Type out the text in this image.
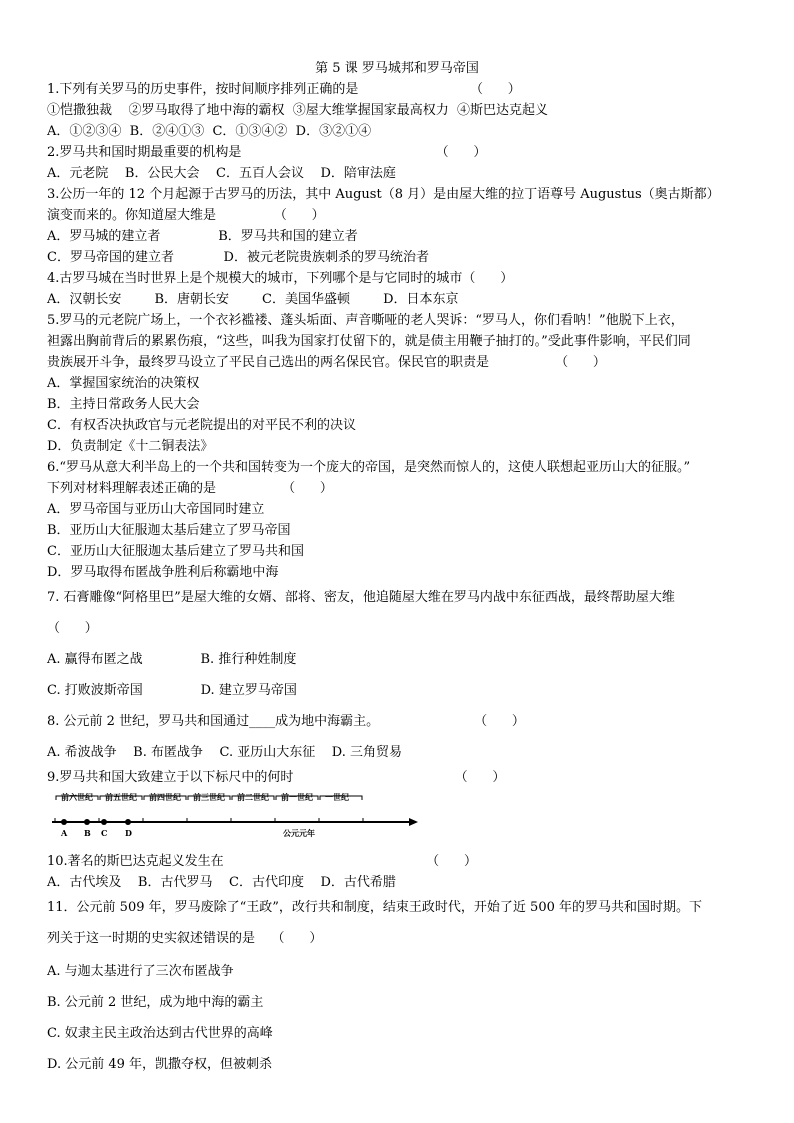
第 5 课 罗马城邦和罗马帝国
1.下列有关罗马的历史事件，按时间顺序排列正确的是                           （      ）
①恺撒独裁    ②罗马取得了地中海的霸权  ③屋大维掌握国家最高权力  ④斯巴达克起义
A．①②③④  B．②④①③  C．①③④②  D．③②①④
2.罗马共和国时期最重要的机构是                                               （      ）
A．元老院    B．公民大会    C．五百人会议    D．陪审法庭
3.公历一年的 12 个月起源于古罗马的历法，其中 August（8 月）是由屋大维的拉丁语尊号 Augustus（奥古斯都）
演变而来的。你知道屋大维是              （      ）
A．罗马城的建立者              B．罗马共和国的建立者
C．罗马帝国的建立者            D．被元老院贵族刺杀的罗马统治者
4.古罗马城在当时世界上是个规模大的城市，下列哪个是与它同时的城市（      ）
A．汉朝长安        B．唐朝长安        C．美国华盛顿        D．日本东京
5.罗马的元老院广场上，一个衣衫褴褛、蓬头垢面、声音嘶哑的老人哭诉：“罗马人，你们看呐！”他脱下上衣，
袒露出胸前背后的累累伤痕，“这些，叫我为国家打仗留下的，就是债主用鞭子抽打的。”受此事件影响，平民们同
贵族展开斗争，最终罗马设立了平民自己选出的两名保民官。保民官的职责是                （      ）
A．掌握国家统治的决策权
B．主持日常政务人民大会
C．有权否决执政官与元老院提出的对平民不利的决议
D．负责制定《十二铜表法》
6.“罗马从意大利半岛上的一个共和国转变为一个庞大的帝国，是突然而惊人的，这使人联想起亚历山大的征服。”
下列对材料理解表述正确的是                （      ）
A．罗马帝国与亚历山大帝国同时建立
B．亚历山大征服迦太基后建立了罗马帝国
C．亚历山大征服迦太基后建立了罗马共和国
D．罗马取得布匿战争胜利后称霸地中海
7. 石膏雕像“阿格里巴”是屋大维的女婿、部将、密友，他追随屋大维在罗马内战中东征西战，最终帮助屋大维
（      ）
A. 赢得布匿之战              B. 推行种姓制度
C. 打败波斯帝国              D. 建立罗马帝国
8. 公元前 2 世纪，罗马共和国通过____成为地中海霸主。                       （      ）
A. 希波战争    B. 布匿战争    C. 亚历山大东征    D. 三角贸易
9.罗马共和国大致建立于以下标尺中的何时                                       （      ）
10.著名的斯巴达克起义发生在                                                 （      ）
A．古代埃及    B．古代罗马    C．古代印度    D．古代希腊
11．公元前 509 年，罗马废除了“王政”，改行共和制度，结束王政时代，开始了近 500 年的罗马共和国时期。下
列关于这一时期的史实叙述错误的是    （      ）
A. 与迦太基进行了三次布匿战争
B. 公元前 2 世纪，成为地中海的霸主
C. 奴隶主民主政治达到古代世界的高峰
D. 公元前 49 年，凯撒夺权，但被刺杀
前六世纪 前五世纪 前四世纪 前三世纪 前二世纪 前一世纪 一世纪
A B C D	公元元年
